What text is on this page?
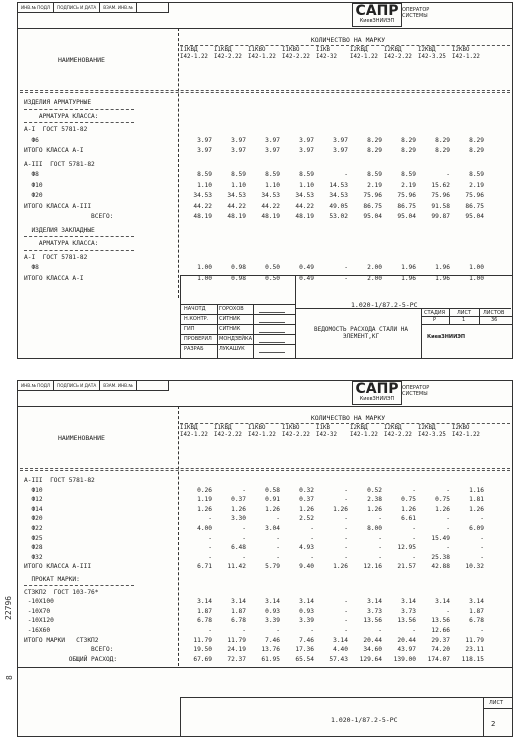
ИНВ.№ ПОДЛ	ПОДПИСЬ И ДАТА	ВЗАМ. ИНВ.№	САПР
КиевЗНИИЭП
ОПЕРАТОР
СИСТЕМЫ
КОЛИЧЕСТВО НА МАРКУ
НАИМЕНОВАНИЕ
1.020-1/87.2-5-PC
ВЕДОМОСТЬ РАСХОДА СТАЛИ НА ЭЛЕМЕНТ,КГ
СТАДИЯ ЛИСТ ЛИСТОВ
Р	1	36
КиевЗНИИЭП
НАЧОТД	ГОРОХОВ
Н.КОНТР. СИТНИК
ГИП	СИТНИК
ПРОВЕРИЛ МОНДЗЕЙКА
РАЗРАБ	ЛУКАШУК
I1КВД
I42-1.22
I1КВД
I42-2.22
I1КВО
I42-1.22
I1КВО
I42-2.22
I1КВ
I42-32
I2КВД
I42-1.22
I2КВД
I42-2.22
I2КВД
I42-3.25
I2КВО
I42-1.22
ИЗДЕЛИЯ АРМАТУРНЫЕ
АРМАТУРА КЛАССА:
А-I  ГОСТ 5781-82
Ф6	3.97	3.97	3.97	3.97	3.97	8.29	8.29	8.29	8.29
ИТОГО КЛАССА А-I	3.97	3.97	3.97	3.97	3.97	8.29	8.29	8.29	8.29
А-III  ГОСТ 5781-82
Ф8	8.59	8.59	8.59	8.59	-	8.59	8.59	-	8.59
Ф10	1.10	1.10	1.10	1.10	14.53	2.19	2.19	15.62	2.19
Ф20	34.53	34.53	34.53	34.53	34.53	75.96	75.96	75.96	75.96
ИТОГО КЛАССА А-III	44.22	44.22	44.22	44.22	49.05	86.75	86.75	91.58	86.75
ВСЕГО:	48.19	48.19	48.19	48.19	53.02	95.04	95.04	99.87	95.04
ИЗДЕЛИЯ ЗАКЛАДНЫЕ
АРМАТУРА КЛАССА:
А-I  ГОСТ 5781-82
Ф8	1.00	0.98	0.50	0.49	-	2.00	1.96	1.96	1.00
ИТОГО КЛАССА А-I	1.00	0.98	0.50	0.49	-	2.00	1.96	1.96	1.00
ИНВ.№ ПОДЛ	ПОДПИСЬ И ДАТА	ВЗАМ. ИНВ.№	САПР
КиевЗНИИЭП
ОПЕРАТОР
СИСТЕМЫ
КОЛИЧЕСТВО НА МАРКУ
НАИМЕНОВАНИЕ
1.020-1/87.2-5-PC
ЛИСТ
2
I1КВД
I42-1.22
I1КВД
I42-2.22
I1КВО
I42-1.22
I1КВО
I42-2.22
I1КВ
I42-32
I2КВД
I42-1.22
I2КВД
I42-2.22
I2КВД
I42-3.25
I2КВО
I42-1.22
А-III  ГОСТ 5781-82
Ф10	0.26	-	0.58	0.32	-	0.52	-	-	1.16
Ф12	1.19	0.37	0.91	0.37	-	2.38	0.75	0.75	1.81
Ф14	1.26	1.26	1.26	1.26	1.26	1.26	1.26	1.26	1.26
Ф20	-	3.30	-	2.52	-	-	6.61	-	-
Ф22	4.00	-	3.04	-	-	8.00	-	-	6.09
Ф25	-	-	-	-	-	-	-	15.49	-
Ф28	-	6.48	-	4.93	-	-	12.95	-	-
Ф32	-	-	-	-	-	-	-	25.38	-
ИТОГО КЛАССА А-III	6.71	11.42	5.79	9.40	1.26	12.16	21.57	42.88	10.32
ПРОКАТ МАРКИ:
СТЗКП2  ГОСТ 103-76*
-10Х100	3.14	3.14	3.14	3.14	-	3.14	3.14	3.14	3.14
-10Х70	1.87	1.87	0.93	0.93	-	3.73	3.73	-	1.87
-10Х120	6.78	6.78	3.39	3.39	-	13.56	13.56	13.56	6.78
-16Х60	-	-	-	-	-	-	-	12.66	-
ИТОГО МАРКИ   СТЗКП2	11.79	11.79	7.46	7.46	3.14	20.44	20.44	29.37	11.79
ВСЕГО:	19.50	24.19	13.76	17.36	4.40	34.60	43.97	74.20	23.11
ОБЩИЙ РАСХОД:	67.69	72.37	61.95	65.54	57.43	129.64	139.00	174.07	118.15
22796
8
